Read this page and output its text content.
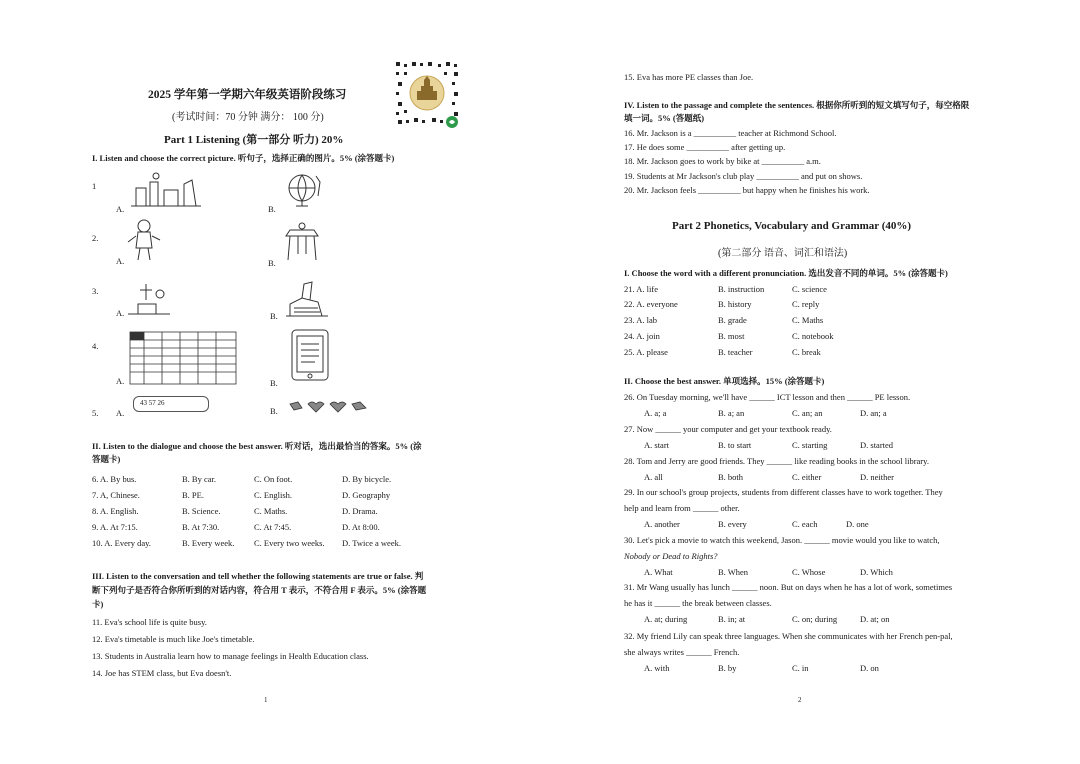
2025 学年第一学期六年级英语阶段练习
(考试时间：70 分钟 满分： 100 分)
Part 1 Listening (第一部分 听力) 20%
I. Listen and choose the correct picture. 听句子，选择正确的图片。5% (涂答题卡)
1
2.
3.
4.
5.
A.	B.
A.	B.
A.	B.
A.	B.
A.	B.
43 57 26
II. Listen to the dialogue and choose the best answer. 听对话，选出最恰当的答案。5% (涂
答题卡)
6. A. By bus.	B. By car.	C. On foot.	D. By bicycle.
7. A, Chinese.	B. PE.	C. English.	D. Geography
8. A. English.	B. Science.	C. Maths.	D. Drama.
9. A. At 7:15.	B. At 7:30.	C. At 7:45.	D. At 8:00.
10. A. Every day.	B. Every week. C. Every two weeks. D. Twice a week.
III. Listen to the conversation and tell whether the following statements are true or false. 判
断下列句子是否符合你所听到的对话内容，符合用 T 表示，不符合用 F 表示。5% (涂答题
卡)
11. Eva's school life is quite busy.
12. Eva's timetable is much like Joe's timetable.
13. Students in Australia learn how to manage feelings in Health Education class.
14. Joe has STEM class, but Eva doesn't.
1
15. Eva has more PE classes than Joe.
IV. Listen to the passage and complete the sentences. 根据你所听到的短文填写句子，每空格限
填一词。5% (答题纸)
16. Mr. Jackson is a __________ teacher at Richmond School.
17. He does some __________ after getting up.
18. Mr. Jackson goes to work by bike at __________ a.m.
19. Students at Mr Jackson's club play __________ and put on shows.
20. Mr. Jackson feels __________ but happy when he finishes his work.
Part 2 Phonetics, Vocabulary and Grammar (40%)
(第二部分 语音、词汇和语法)
I. Choose the word with a different pronunciation. 选出发音不同的单词。5% (涂答题卡)
21. A. life	B. instruction	C. science
22. A. everyone	B. history	C. reply
23. A. lab	B. grade	C. Maths
24. A. join	B. most	C. notebook
25. A. please	B. teacher	C. break
II. Choose the best answer. 单项选择。15% (涂答题卡)
26. On Tuesday morning, we'll have ______ ICT lesson and then ______ PE lesson.
A. a; a	B. a; an	C. an; an	D. an; a
27. Now ______ your computer and get your textbook ready.
A. start	B. to start	C. starting	D. started
28. Tom and Jerry are good friends. They ______ like reading books in the school library.
A. all	B. both	C. either	D. neither
29. In our school's group projects, students from different classes have to work together. They
help and learn from ______ other.
A. another	B. every	C. each	D. one
30. Let's pick a movie to watch this weekend, Jason. ______ movie would you like to watch,
Nobody or Dead to Rights?
A. What	B. When	C. Whose	D. Which
31. Mr Wang usually has lunch ______ noon. But on days when he has a lot of work, sometimes
he has it ______ the break between classes.
A. at; during	B. in; at	C. on; during	D. at; on
32. My friend Lily can speak three languages. When she communicates with her French pen-pal,
she always writes ______ French.
A. with	B. by	C. in	D. on
2
